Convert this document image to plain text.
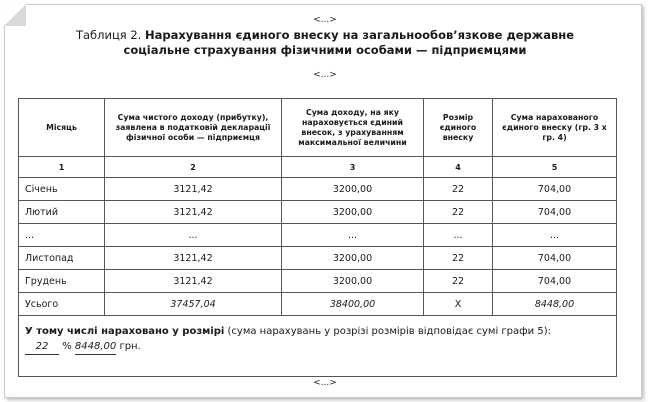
<...>
Таблиця 2. Нарахування єдиного внеску на загальнообов’язкове державне
соціальне страхування фізичними особами — підприємцями
<...>
Місяць	Сума чистого доходу (прибутку), заявлена в податковій декларації фізичної особи — підприємця	Сума доходу, на яку нараховується єдиний внесок, з урахуванням максимальної величини	Розмір єдиного внеску	Сума нарахованого єдиного внеску (гр. 3 х гр. 4)
1	2	3	4	5
Січень	3121,42	3200,00	22	704,00
Лютий	3121,42	3200,00	22	704,00
...	...	...	...	...
Листопад	3121,42	3200,00	22	704,00
Грудень	3121,42	3200,00	22	704,00
Усього	37457,04	38400,00	Х	8448,00
У тому числі нараховано у розмірі (сума нарахувань у розрізі розмірів відповідає сумі графи 5):
22 % 8448,00 грн.				
<...>
